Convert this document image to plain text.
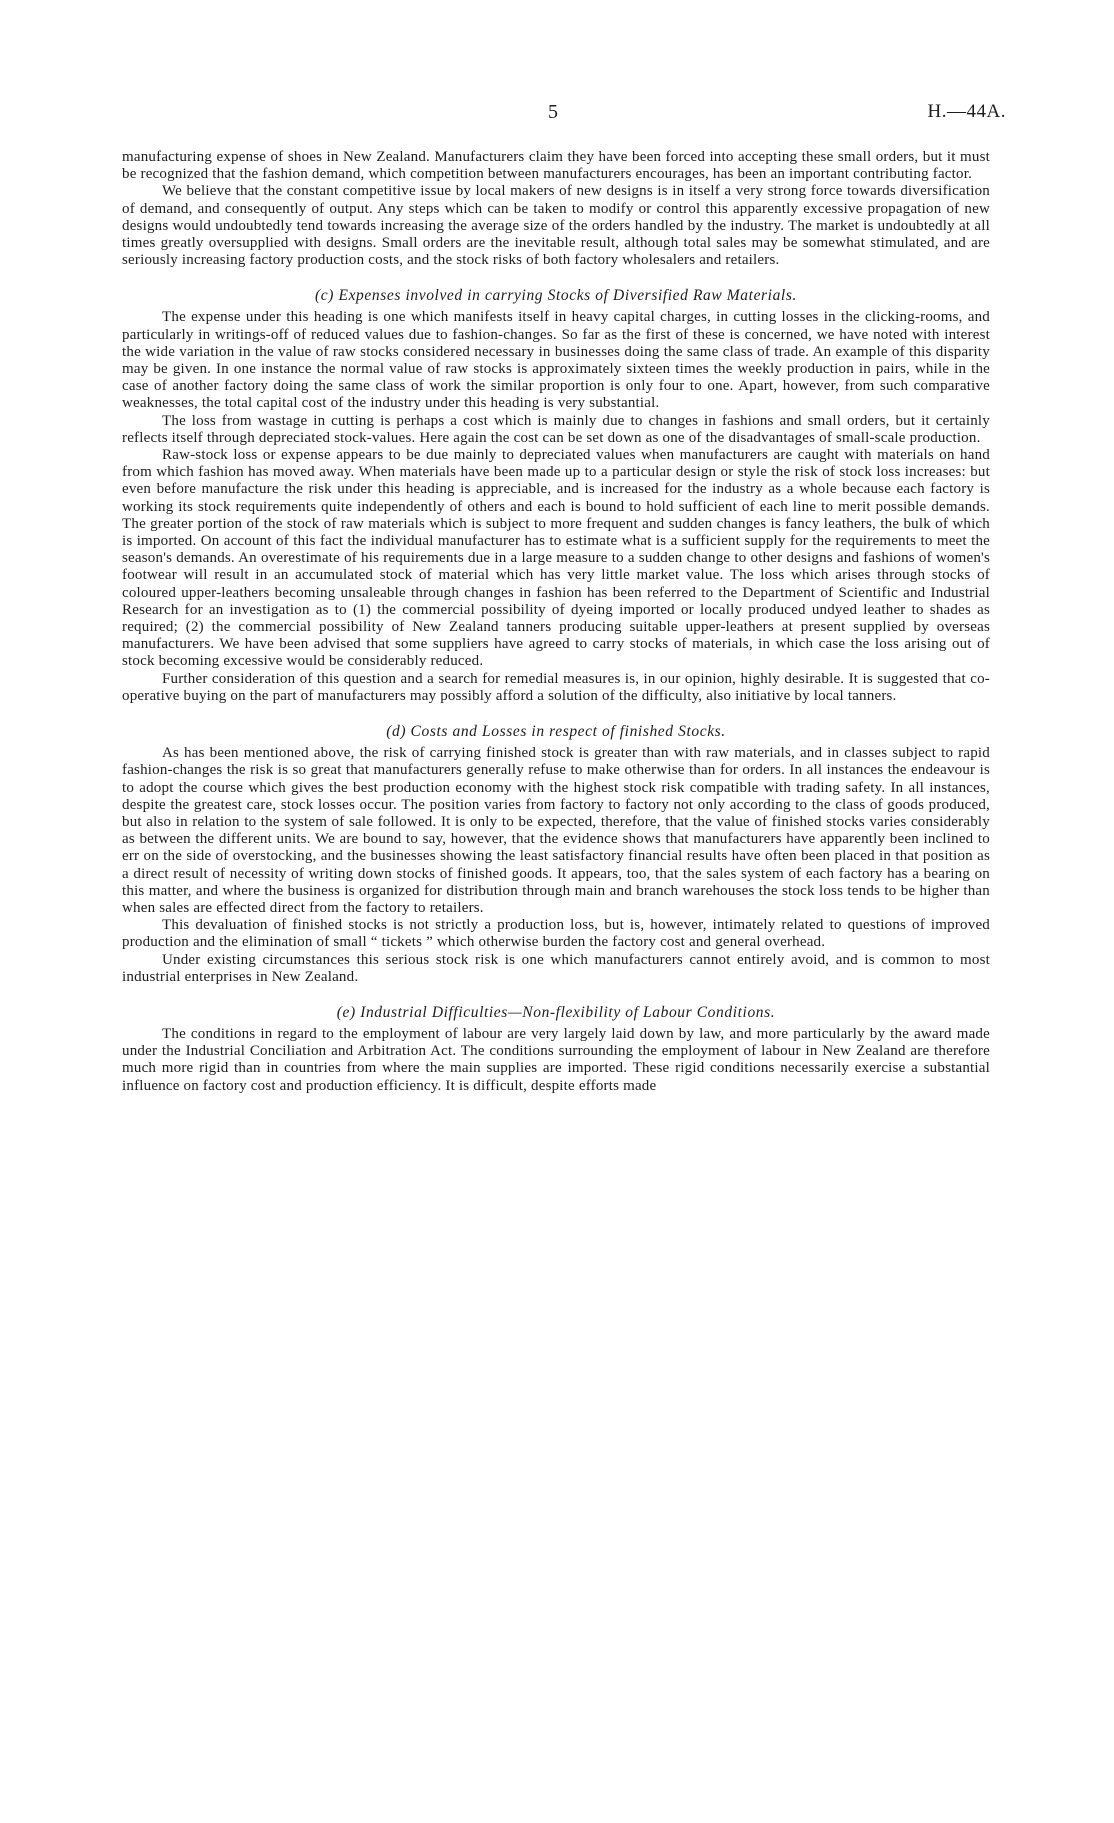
5	H.—44A.

manufacturing expense of shoes in New Zealand. Manufacturers claim they have been forced into accepting these small orders, but it must be recognized that the fashion demand, which competition between manufacturers encourages, has been an important contributing factor.

We believe that the constant competitive issue by local makers of new designs is in itself a very strong force towards diversification of demand, and consequently of output. Any steps which can be taken to modify or control this apparently excessive propagation of new designs would undoubtedly tend towards increasing the average size of the orders handled by the industry. The market is undoubtedly at all times greatly oversupplied with designs. Small orders are the inevitable result, although total sales may be somewhat stimulated, and are seriously increasing factory production costs, and the stock risks of both factory wholesalers and retailers.

(c) Expenses involved in carrying Stocks of Diversified Raw Materials.

The expense under this heading is one which manifests itself in heavy capital charges, in cutting losses in the clicking-rooms, and particularly in writings-off of reduced values due to fashion-changes. So far as the first of these is concerned, we have noted with interest the wide variation in the value of raw stocks considered necessary in businesses doing the same class of trade. An example of this disparity may be given. In one instance the normal value of raw stocks is approximately sixteen times the weekly production in pairs, while in the case of another factory doing the same class of work the similar proportion is only four to one. Apart, however, from such comparative weaknesses, the total capital cost of the industry under this heading is very substantial.

The loss from wastage in cutting is perhaps a cost which is mainly due to changes in fashions and small orders, but it certainly reflects itself through depreciated stock-values. Here again the cost can be set down as one of the disadvantages of small-scale production.

Raw-stock loss or expense appears to be due mainly to depreciated values when manufacturers are caught with materials on hand from which fashion has moved away. When materials have been made up to a particular design or style the risk of stock loss increases: but even before manufacture the risk under this heading is appreciable, and is increased for the industry as a whole because each factory is working its stock requirements quite independently of others and each is bound to hold sufficient of each line to merit possible demands. The greater portion of the stock of raw materials which is subject to more frequent and sudden changes is fancy leathers, the bulk of which is imported. On account of this fact the individual manufacturer has to estimate what is a sufficient supply for the requirements to meet the season's demands. An overestimate of his requirements due in a large measure to a sudden change to other designs and fashions of women's footwear will result in an accumulated stock of material which has very little market value. The loss which arises through stocks of coloured upper-leathers becoming unsaleable through changes in fashion has been referred to the Department of Scientific and Industrial Research for an investigation as to (1) the commercial possibility of dyeing imported or locally produced undyed leather to shades as required; (2) the commercial possibility of New Zealand tanners producing suitable upper-leathers at present supplied by overseas manufacturers. We have been advised that some suppliers have agreed to carry stocks of materials, in which case the loss arising out of stock becoming excessive would be considerably reduced.

Further consideration of this question and a search for remedial measures is, in our opinion, highly desirable. It is suggested that co-operative buying on the part of manufacturers may possibly afford a solution of the difficulty, also initiative by local tanners.

(d) Costs and Losses in respect of finished Stocks.

As has been mentioned above, the risk of carrying finished stock is greater than with raw materials, and in classes subject to rapid fashion-changes the risk is so great that manufacturers generally refuse to make otherwise than for orders. In all instances the endeavour is to adopt the course which gives the best production economy with the highest stock risk compatible with trading safety. In all instances, despite the greatest care, stock losses occur. The position varies from factory to factory not only according to the class of goods produced, but also in relation to the system of sale followed. It is only to be expected, therefore, that the value of finished stocks varies considerably as between the different units. We are bound to say, however, that the evidence shows that manufacturers have apparently been inclined to err on the side of overstocking, and the businesses showing the least satisfactory financial results have often been placed in that position as a direct result of necessity of writing down stocks of finished goods. It appears, too, that the sales system of each factory has a bearing on this matter, and where the business is organized for distribution through main and branch warehouses the stock loss tends to be higher than when sales are effected direct from the factory to retailers.

This devaluation of finished stocks is not strictly a production loss, but is, however, intimately related to questions of improved production and the elimination of small “ tickets ” which otherwise burden the factory cost and general overhead.

Under existing circumstances this serious stock risk is one which manufacturers cannot entirely avoid, and is common to most industrial enterprises in New Zealand.

(e) Industrial Difficulties—Non-flexibility of Labour Conditions.

The conditions in regard to the employment of labour are very largely laid down by law, and more particularly by the award made under the Industrial Conciliation and Arbitration Act. The conditions surrounding the employment of labour in New Zealand are therefore much more rigid than in countries from where the main supplies are imported. These rigid conditions necessarily exercise a substantial influence on factory cost and production efficiency. It is difficult, despite efforts made
